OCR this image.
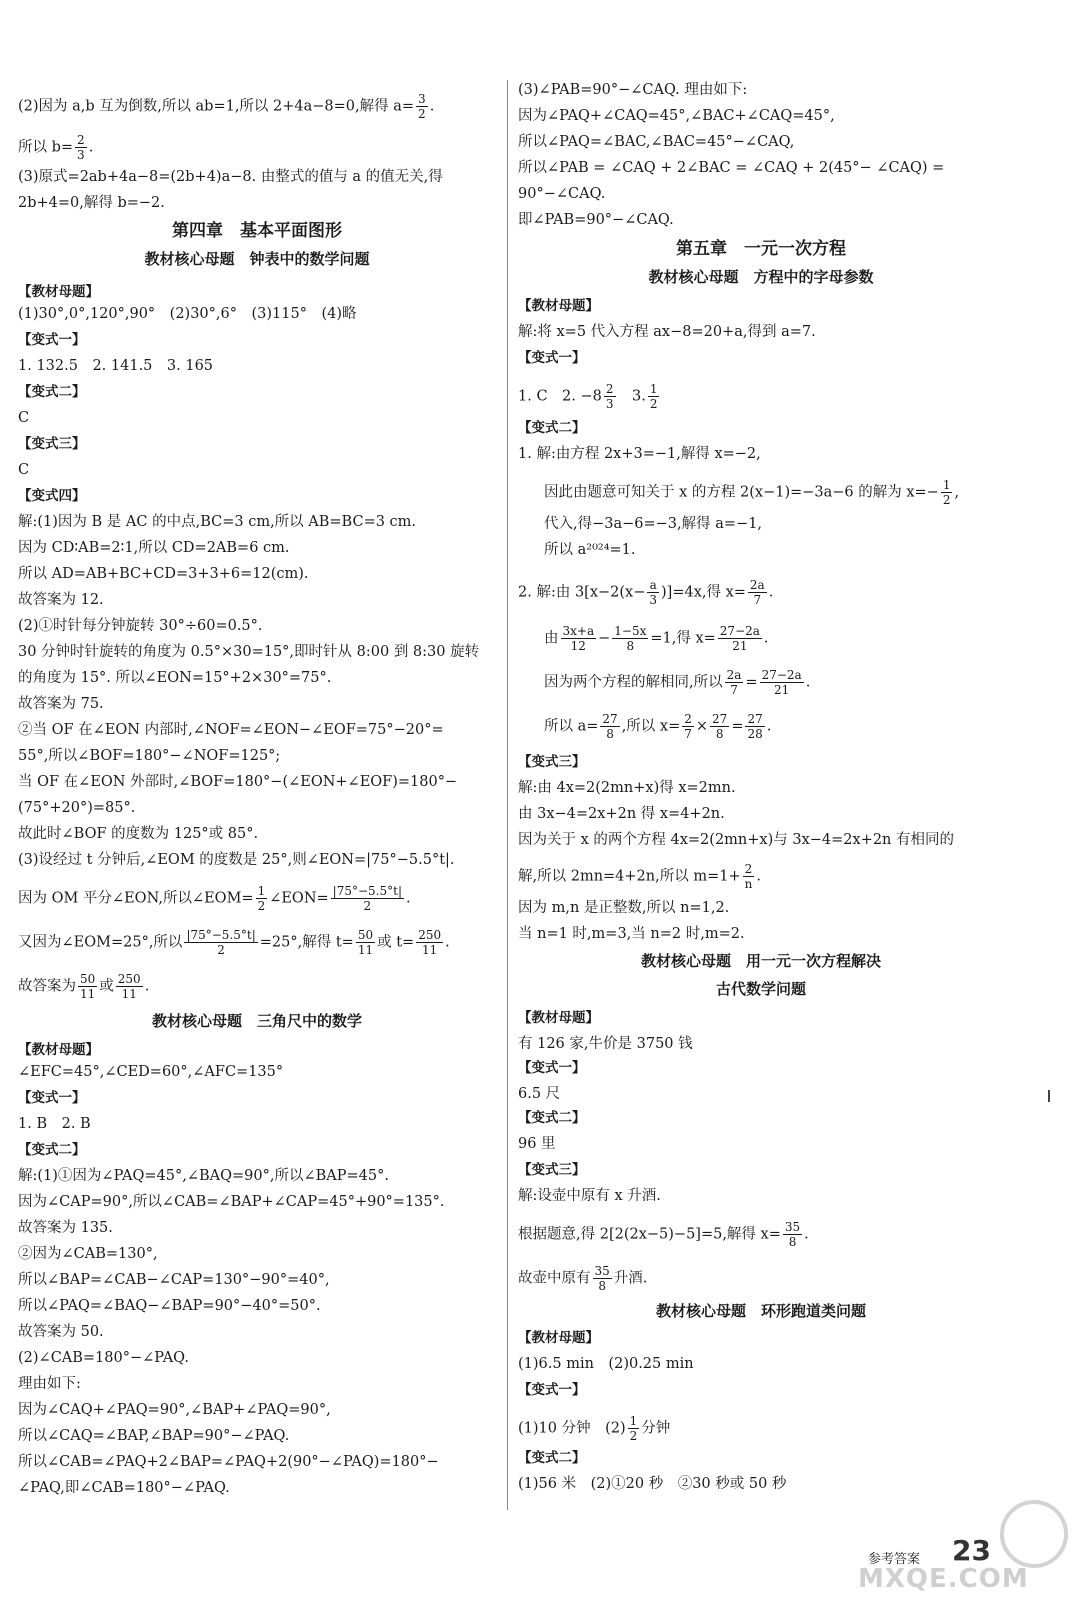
(2)因为 a,b 互为倒数,所以 ab=1,所以 2+4a−8=0,解得 $a= \frac{3}{2}$ .
所以 $b= \frac{2}{3}$ .
(3)原式=2ab+4a−8=(2b+4)a−8. 由整式的值与 a 的值无关,得
2b+4=0,解得 b=−2.
第四章　基本平面图形
教材核心母题　钟表中的数学问题
【教材母题】
(1)30°,0°,120°,90°　(2)30°,6°　(3)115°　(4)略
【变式一】
1. 132.5　2. 141.5　3. 165
【变式二】
C
【变式三】
C
【变式四】
解:(1)因为 B 是 AC 的中点,BC=3 cm,所以 AB=BC=3 cm.
因为 CD∶AB=2∶1,所以 CD=2AB=6 cm.
所以 AD=AB+BC+CD=3+3+6=12(cm).
故答案为 12.
(2)①时针每分钟旋转 30°÷60=0.5°.
30 分钟时针旋转的角度为 0.5°×30=15°,即时针从 8:00 到 8:30 旋转
的角度为 15°. 所以∠EON=15°+2×30°=75°.
故答案为 75.
②当 OF 在∠EON 内部时,∠NOF=∠EON−∠EOF=75°−20°=
55°,所以∠BOF=180°−∠NOF=125°;
当 OF 在∠EON 外部时,∠BOF=180°−(∠EON+∠EOF)=180°−
(75°+20°)=85°.
故此时∠BOF 的度数为 125°或 85°.
(3)设经过 t 分钟后,∠EOM 的度数是 25°,则∠EON=|75°−5.5°t|.
因为 OM 平分∠EON,所以∠EOM= $\frac{1}{2}$ ∠EON= $\frac{|75^\circ-5.5^\circ t|}{2}$ .
又因为∠EOM=25°,所以 $\frac{|75^\circ-5.5^\circ t|}{2} =25^\circ$,解得 $t= \frac{50}{11}$ 或 $t= \frac{250}{11}$ .
故答案为 $\frac{50}{11}$ 或 $\frac{250}{11}$ .
教材核心母题　三角尺中的数学
【教材母题】
∠EFC=45°,∠CED=60°,∠AFC=135°
【变式一】
1. B　2. B
【变式二】
解:(1)①因为∠PAQ=45°,∠BAQ=90°,所以∠BAP=45°.
因为∠CAP=90°,所以∠CAB=∠BAP+∠CAP=45°+90°=135°.
故答案为 135.
②因为∠CAB=130°,
所以∠BAP=∠CAB−∠CAP=130°−90°=40°,
所以∠PAQ=∠BAQ−∠BAP=90°−40°=50°.
故答案为 50.
(2)∠CAB=180°−∠PAQ.
理由如下:
因为∠CAQ+∠PAQ=90°,∠BAP+∠PAQ=90°,
所以∠CAQ=∠BAP,∠BAP=90°−∠PAQ.
所以∠CAB=∠PAQ+2∠BAP=∠PAQ+2(90°−∠PAQ)=180°−
∠PAQ,即∠CAB=180°−∠PAQ.
(3)∠PAB=90°−∠CAQ. 理由如下:
因为∠PAQ+∠CAQ=45°,∠BAC+∠CAQ=45°,
所以∠PAQ=∠BAC,∠BAC=45°−∠CAQ,
所以∠PAB = ∠CAQ + 2∠BAC = ∠CAQ + 2(45°− ∠CAQ) =
90°−∠CAQ.
即∠PAB=90°−∠CAQ.
第五章　一元一次方程
教材核心母题　方程中的字母参数
【教材母题】
解:将 x=5 代入方程 ax−8=20+a,得到 a=7.
【变式一】
1. C　2. $-8 \frac{2}{3}$ 　3. $\frac{1}{2}$
【变式二】
1. 解:由方程 2x+3=−1,解得 x=−2,
因此由题意可知关于 x 的方程 2(x−1)=−3a−6 的解为 $x=- \frac{1}{2}$ ,
代入,得−3a−6=−3,解得 a=−1,
所以 a²⁰²⁴=1.
2. 解:由 $3[x-2(x- \frac{a}{3} )]=4x$,得 $x= \frac{2a}{7}$ .
由 $\frac{3x+a}{12} - \frac{1-5x}{8} =1$,得 $x= \frac{27-2a}{21}$ .
因为两个方程的解相同,所以 $\frac{2a}{7} = \frac{27-2a}{21}$ .
所以 $a= \frac{27}{8}$ ,所以 $x= \frac{2}{7} \times \frac{27}{8} = \frac{27}{28}$ .
【变式三】
解:由 4x=2(2mn+x)得 x=2mn.
由 3x−4=2x+2n 得 x=4+2n.
因为关于 x 的两个方程 4x=2(2mn+x)与 3x−4=2x+2n 有相同的
解,所以 2mn=4+2n,所以 $m=1+ \frac{2}{n}$ .
因为 m,n 是正整数,所以 n=1,2.
当 n=1 时,m=3,当 n=2 时,m=2.
教材核心母题　用一元一次方程解决
古代数学问题
【教材母题】
有 126 家,牛价是 3750 钱
【变式一】
6.5 尺
【变式二】
96 里
【变式三】
解:设壶中原有 x 升酒.
根据题意,得 2[2(2x−5)−5]=5,解得 $x= \frac{35}{8}$ .
故壶中原有 $\frac{35}{8}$ 升酒.
教材核心母题　环形跑道类问题
【教材母题】
(1)6.5 min　(2)0.25 min
【变式一】
(1)10 分钟　$(2) \frac{1}{2}$ 分钟
【变式二】
(1)56 米　(2)①20 秒　②30 秒或 50 秒
参考答案 23
MXQE.COM
